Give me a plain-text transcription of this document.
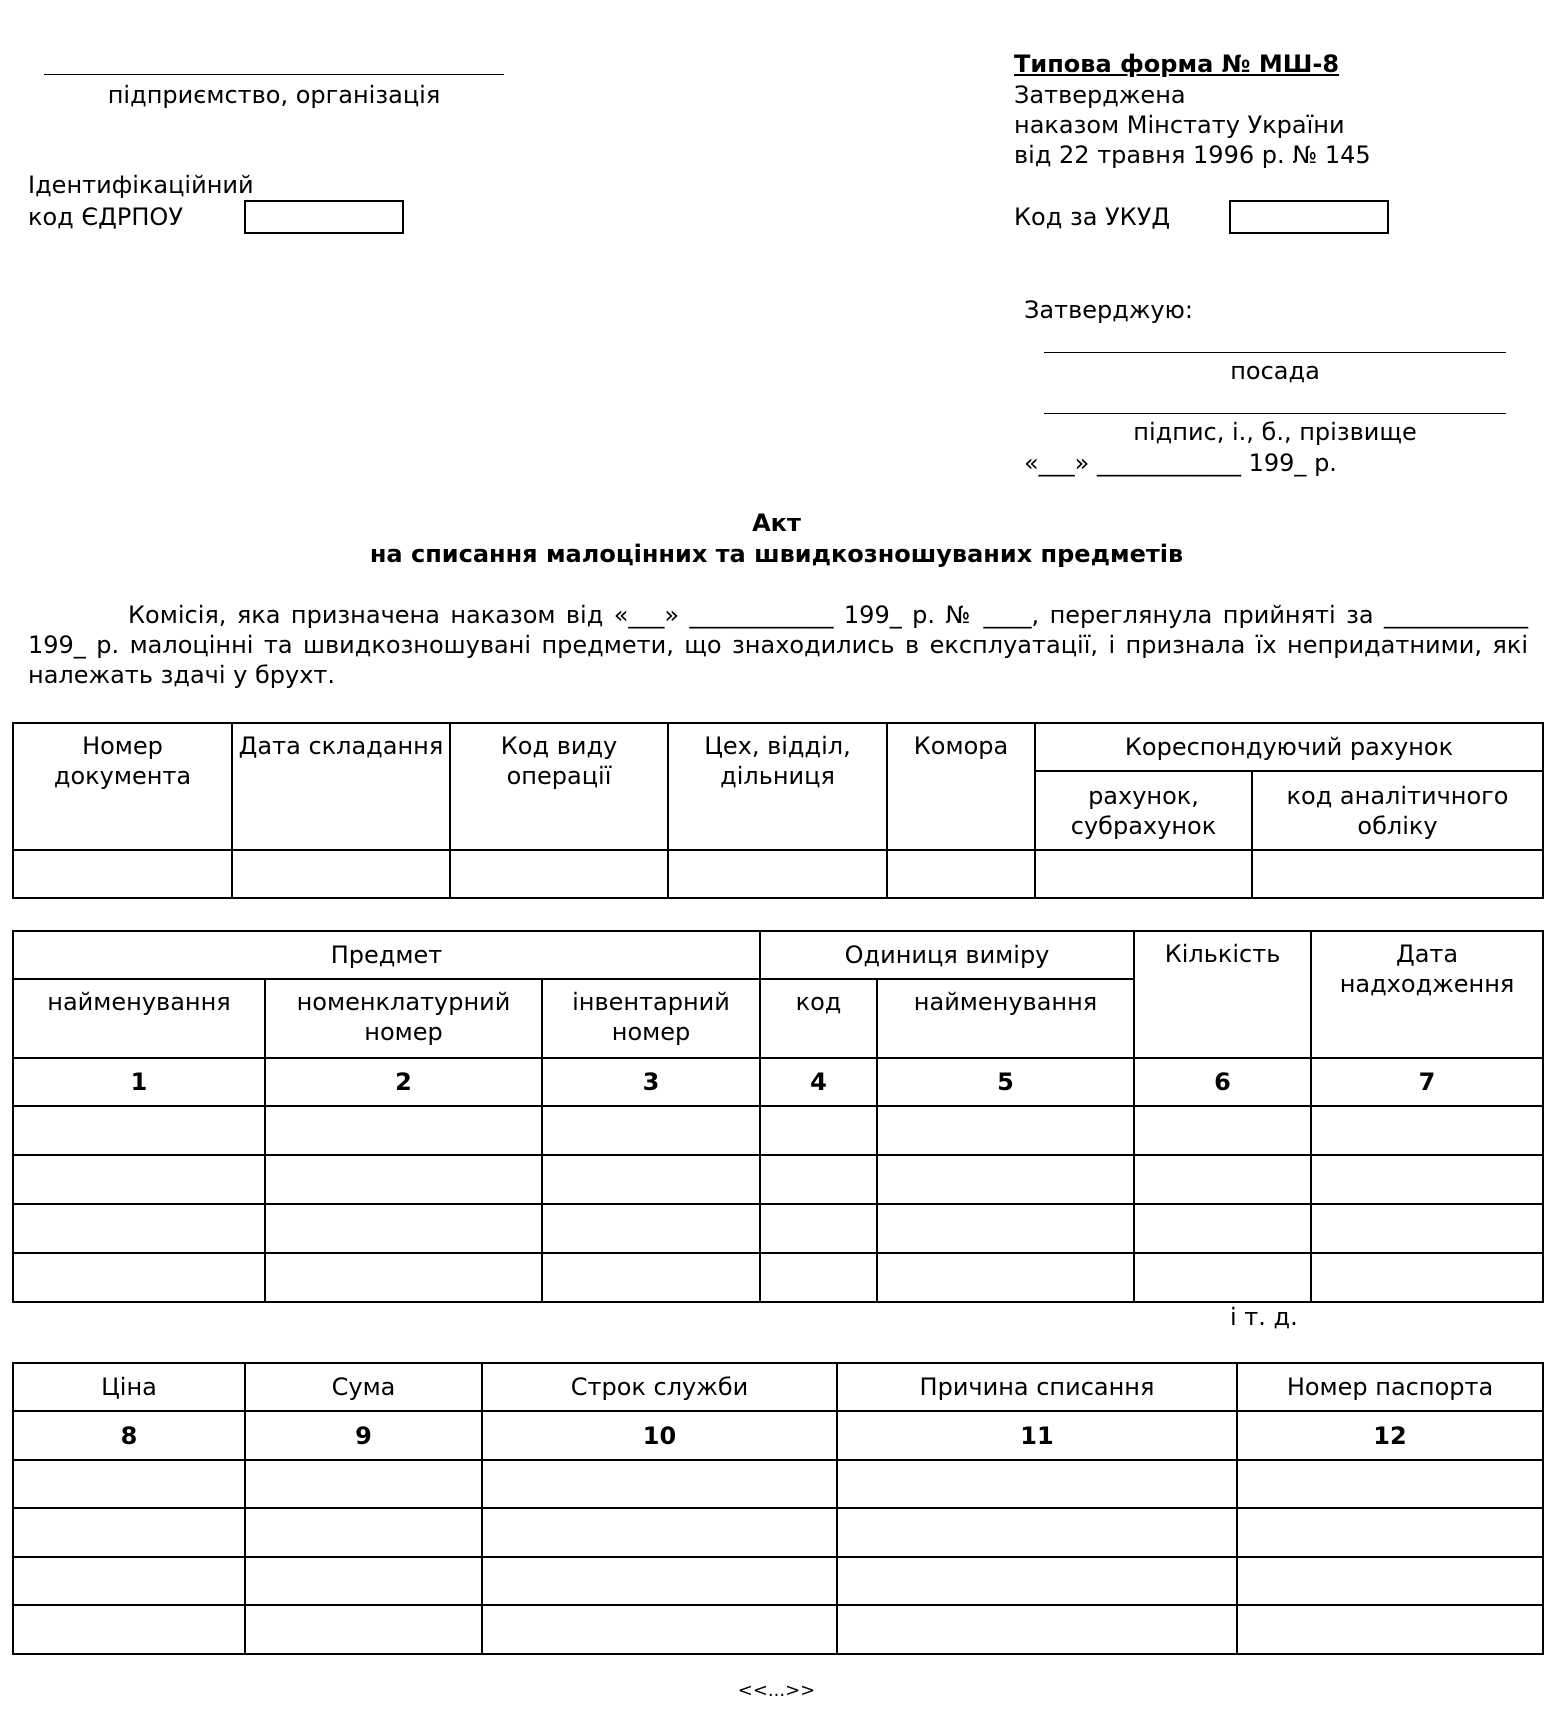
підприємство, організація
Ідентифікаційний
код ЄДРПОУ
Типова форма № МШ-8
Затверджена
наказом Мінстату України
від 22 травня 1996 р. № 145
Код за УКУД
Затверджую:
посада
підпис, і., б., прізвище
«___» ____________ 199_ р.
Акт
на списання малоцінних та швидкозношуваних предметів
Комісія, яка призначена наказом від «___» ____________ 199_ р. № ____, переглянула прийняті за ____________ 199_ р. малоцінні та швидкозношувані предмети, що знаходились в експлуатації, і признала їх непридатними, які належать здачі у брухт.
Номер документа	Дата складання	Код виду операції	Цех, відділ, дільниця	Комора	Кореспондуючий рахунок	
					рахунок, субрахунок	код аналітичного обліку

Предмет			Одиниця виміру		Кількість	Дата надходження
найменування	номенклатурний номер	інвентарний номер	код	найменування		
1	2	3	4	5	6	7

і т. д.
Ціна	Сума	Строк служби	Причина списання	Номер паспорта
8	9	10	11	12

<<...>>
